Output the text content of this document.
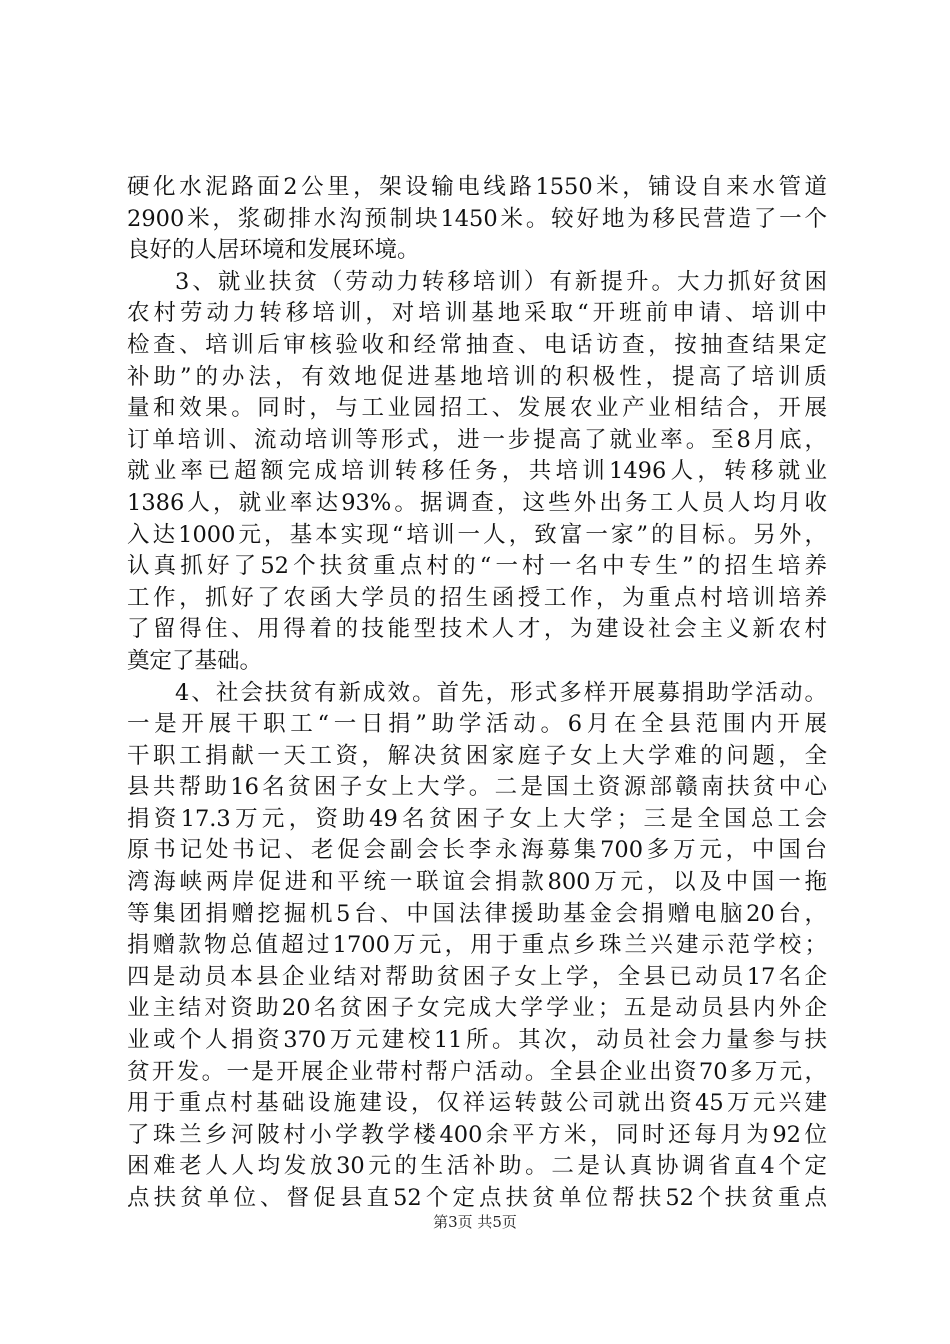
硬化水泥路面2公里，架设输电线路1550米，铺设自来水管道
2900米，浆砌排水沟预制块1450米。较好地为移民营造了一个
良好的人居环境和发展环境。
3、就业扶贫（劳动力转移培训）有新提升。大力抓好贫困
农村劳动力转移培训，对培训基地采取“开班前申请、培训中
检查、培训后审核验收和经常抽查、电话访查，按抽查结果定
补助”的办法，有效地促进基地培训的积极性，提高了培训质
量和效果。同时，与工业园招工、发展农业产业相结合，开展
订单培训、流动培训等形式，进一步提高了就业率。至8月底，
就业率已超额完成培训转移任务，共培训1496人，转移就业
1386人，就业率达93%。据调查，这些外出务工人员人均月收
入达1000元，基本实现“培训一人，致富一家”的目标。另外，
认真抓好了52个扶贫重点村的“一村一名中专生”的招生培养
工作，抓好了农函大学员的招生函授工作，为重点村培训培养
了留得住、用得着的技能型技术人才，为建设社会主义新农村
奠定了基础。
4、社会扶贫有新成效。首先，形式多样开展募捐助学活动。
一是开展干职工“一日捐”助学活动。6月在全县范围内开展
干职工捐献一天工资，解决贫困家庭子女上大学难的问题，全
县共帮助16名贫困子女上大学。二是国土资源部赣南扶贫中心
捐资17.3万元，资助49名贫困子女上大学；三是全国总工会
原书记处书记、老促会副会长李永海募集700多万元，中国台
湾海峡两岸促进和平统一联谊会捐款800万元，以及中国一拖
等集团捐赠挖掘机5台、中国法律援助基金会捐赠电脑20台，
捐赠款物总值超过1700万元，用于重点乡珠兰兴建示范学校；
四是动员本县企业结对帮助贫困子女上学，全县已动员17名企
业主结对资助20名贫困子女完成大学学业；五是动员县内外企
业或个人捐资370万元建校11所。其次，动员社会力量参与扶
贫开发。一是开展企业带村帮户活动。全县企业出资70多万元，
用于重点村基础设施建设，仅祥运转鼓公司就出资45万元兴建
了珠兰乡河陂村小学教学楼400余平方米，同时还每月为92位
困难老人人均发放30元的生活补助。二是认真协调省直4个定
点扶贫单位、督促县直52个定点扶贫单位帮扶52个扶贫重点
第3页 共5页
